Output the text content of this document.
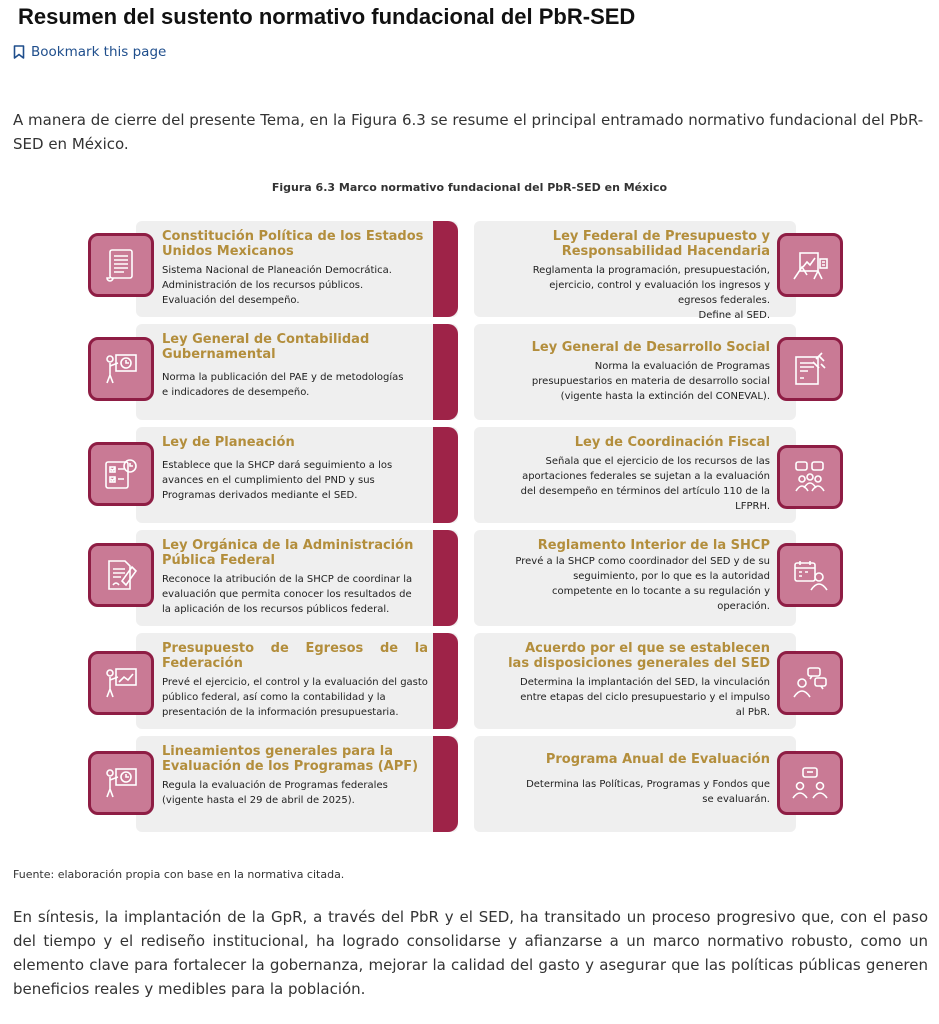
Resumen del sustento normativo fundacional del PbR-SED
Bookmark this page

A manera de cierre del presente Tema, en la Figura 6.3 se resume el principal entramado normativo fundacional del PbR-SED en México.

Figura 6.3 Marco normativo fundacional del PbR-SED en México

Constitución Política de los Estados Unidos Mexicanos

Sistema Nacional de Planeación Democrática.
Administración de los recursos públicos.
Evaluación del desempeño.

Ley General de Contabilidad Gubernamental

Norma la publicación del PAE y de metodologías
e indicadores de desempeño.

Ley de Planeación

Establece que la SHCP dará seguimiento a los
avances en el cumplimiento del PND y sus
Programas derivados mediante el SED.

Ley Orgánica de la Administración Pública Federal

Reconoce la atribución de la SHCP de coordinar la
evaluación que permita conocer los resultados de
la aplicación de los recursos públicos federal.

Presupuesto de Egresos de la Federación

Prevé el ejercicio, el control y la evaluación del gasto
público federal, así como la contabilidad y la
presentación de la información presupuestaria.

Lineamientos generales para la Evaluación de los Programas (APF)

Regula la evaluación de Programas federales
(vigente hasta el 29 de abril de 2025).

Ley Federal de Presupuesto y Responsabilidad Hacendaria

Reglamenta la programación, presupuestación,
ejercicio, control y evaluación los ingresos y
egresos federales.
Define al SED.

Ley General de Desarrollo Social

Norma la evaluación de Programas
presupuestarios en materia de desarrollo social
(vigente hasta la extinción del CONEVAL).

Ley de Coordinación Fiscal

Señala que el ejercicio de los recursos de las
aportaciones federales se sujetan a la evaluación
del desempeño en términos del artículo 110 de la
LFPRH.

Reglamento Interior de la SHCP

Prevé a la SHCP como coordinador del SED y de su
seguimiento, por lo que es la autoridad
competente en lo tocante a su regulación y
operación.

Acuerdo por el que se establecen las disposiciones generales del SED

Determina la implantación del SED, la vinculación
entre etapas del ciclo presupuestario y el impulso
al PbR.

Programa Anual de Evaluación

Determina las Políticas, Programas y Fondos que
se evaluarán.

Fuente: elaboración propia con base en la normativa citada.

En síntesis, la implantación de la GpR, a través del PbR y el SED, ha transitado un proceso progresivo que, con el paso del tiempo y el rediseño institucional, ha logrado consolidarse y afianzarse a un marco normativo robusto, como un elemento clave para fortalecer la gobernanza, mejorar la calidad del gasto y asegurar que las políticas públicas generen beneficios reales y medibles para la población.
